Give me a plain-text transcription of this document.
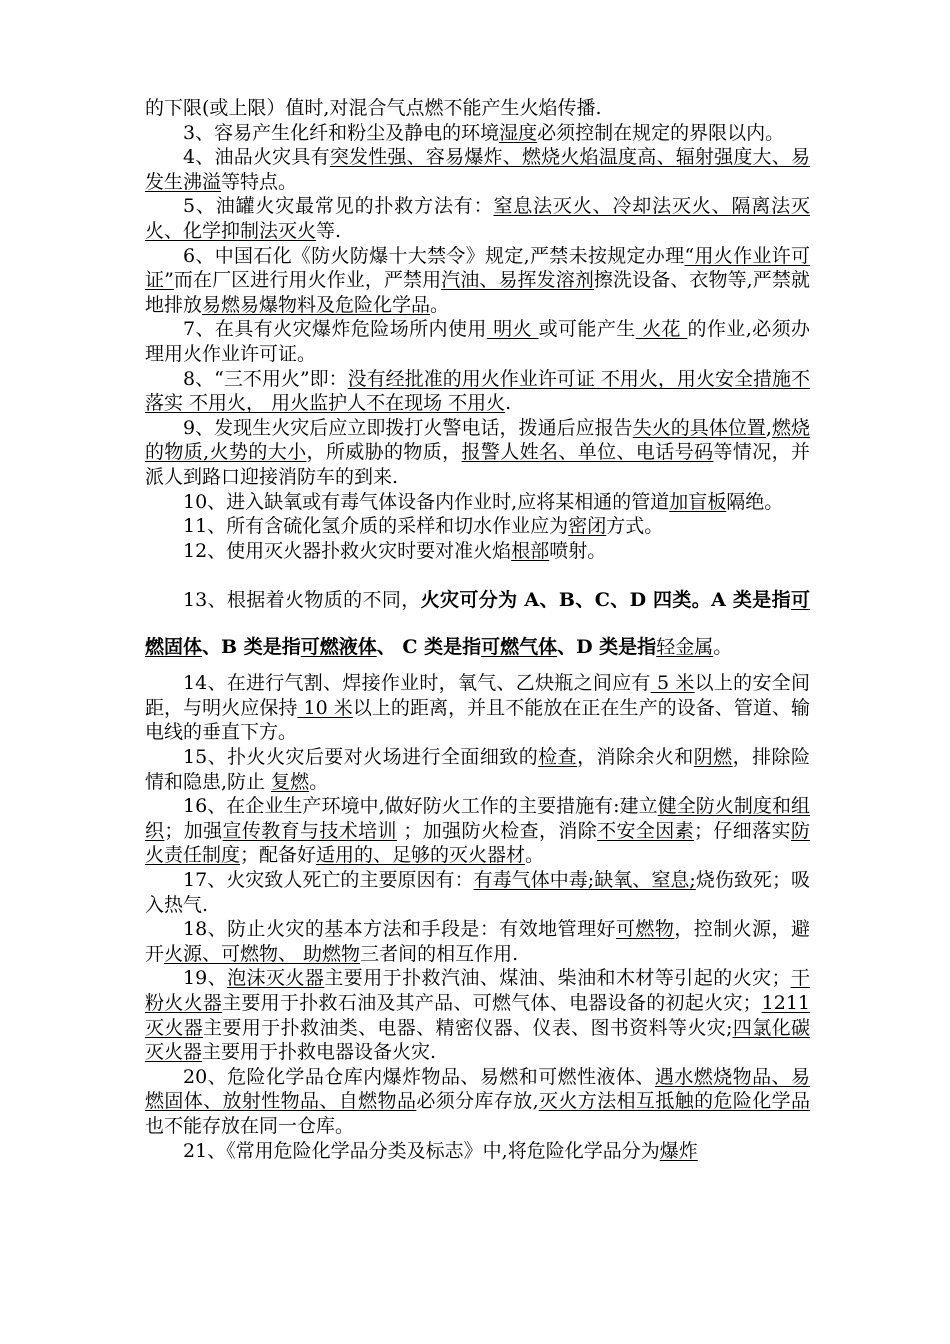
的下限(或上限）值时,对混合气点燃不能产生火焰传播.

3、容易产生化纤和粉尘及静电的环境湿度必须控制在规定的界限以内。

4、油品火灾具有突发性强、容易爆炸、燃烧火焰温度高、辐射强度大、易发生沸溢等特点。

5、油罐火灾最常见的扑救方法有：窒息法灭火、冷却法灭火、隔离法灭火、化学抑制法灭火等.

6、中国石化《防火防爆十大禁令》规定,严禁未按规定办理“用火作业许可证”而在厂区进行用火作业，严禁用汽油、易挥发溶剂擦洗设备、衣物等,严禁就地排放易燃易爆物料及危险化学品。

7、在具有火灾爆炸危险场所内使用 明火 或可能产生 火花 的作业,必须办理用火作业许可证。

8、“三不用火”即：没有经批准的用火作业许可证 不用火，用火安全措施不落实 不用火， 用火监护人不在现场 不用火.

9、发现生火灾后应立即拨打火警电话，拨通后应报告失火的具体位置,燃烧的物质,火势的大小，所威胁的物质，报警人姓名、单位、电话号码等情况，并派人到路口迎接消防车的到来.

10、进入缺氧或有毒气体设备内作业时,应将某相通的管道加盲板隔绝。

11、所有含硫化氢介质的采样和切水作业应为密闭方式。

12、使用灭火器扑救火灾时要对准火焰根部喷射。

13、根据着火物质的不同，火灾可分为 A、B、C、D 四类。A 类是指可燃固体、B 类是指可燃液体、 C 类是指可燃气体、D 类是指轻金属。

14、在进行气割、焊接作业时，氧气、乙炔瓶之间应有 5 米以上的安全间距，与明火应保持 10 米以上的距离，并且不能放在正在生产的设备、管道、输电线的垂直下方。

15、扑火火灾后要对火场进行全面细致的检查，消除余火和阴燃，排除险情和隐患,防止 复燃。

16、在企业生产环境中,做好防火工作的主要措施有:建立健全防火制度和组织；加强宣传教育与技术培训 ；加强防火检查，消除不安全因素；仔细落实防火责任制度；配备好适用的、足够的灭火器材。

17、火灾致人死亡的主要原因有：有毒气体中毒;缺氧、窒息;烧伤致死；吸入热气.

18、防止火灾的基本方法和手段是：有效地管理好可燃物，控制火源，避开火源、可燃物、 助燃物三者间的相互作用.

19、泡沫灭火器主要用于扑救汽油、煤油、柴油和木材等引起的火灾；干粉火火器主要用于扑救石油及其产品、可燃气体、电器设备的初起火灾；1211 灭火器主要用于扑救油类、电器、精密仪器、仪表、图书资料等火灾;四氯化碳灭火器主要用于扑救电器设备火灾.

20、危险化学品仓库内爆炸物品、易燃和可燃性液体、遇水燃烧物品、易燃固体、放射性物品、自燃物品必须分库存放,灭火方法相互抵触的危险化学品也不能存放在同一仓库。

21、《常用危险化学品分类及标志》中,将危险化学品分为爆炸
